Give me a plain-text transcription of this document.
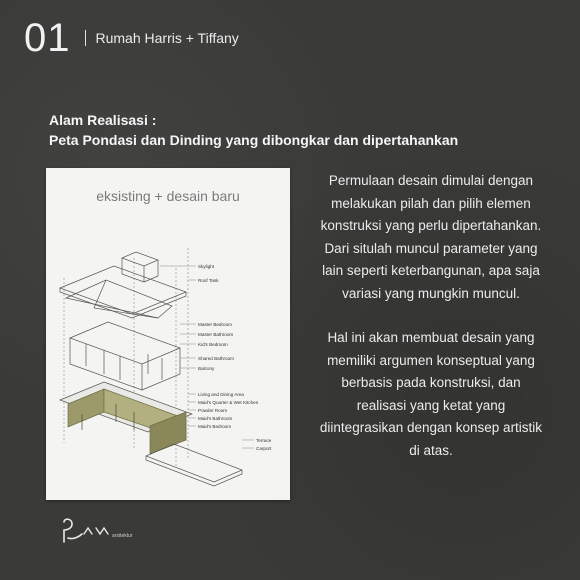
01 Rumah Harris + Tiffany
Alam Realisasi :
Peta Pondasi dan Dinding yang dibongkar dan dipertahankan
eksisting + desain baru
Skylight
Roof Tank
Master Bedroom
Master Bathroom
Kid's Bedroom
Shared Bathroom
Balcony
Living and Dining Area
Maid's Quarter & Wet Kitchen
Powder Room
Maid's Bathroom
Maid's Bedroom
Terrace
Carport

Permulaan desain dimulai dengan melakukan pilah dan pilih elemen konstruksi yang perlu dipertahankan. Dari situlah muncul parameter yang lain seperti keterbangunan, apa saja variasi yang mungkin muncul.

Hal ini akan membuat desain yang memiliki argumen konseptual yang berbasis pada konstruksi, dan realisasi yang ketat yang diintegrasikan dengan konsep artistik di atas.

arsitektur
